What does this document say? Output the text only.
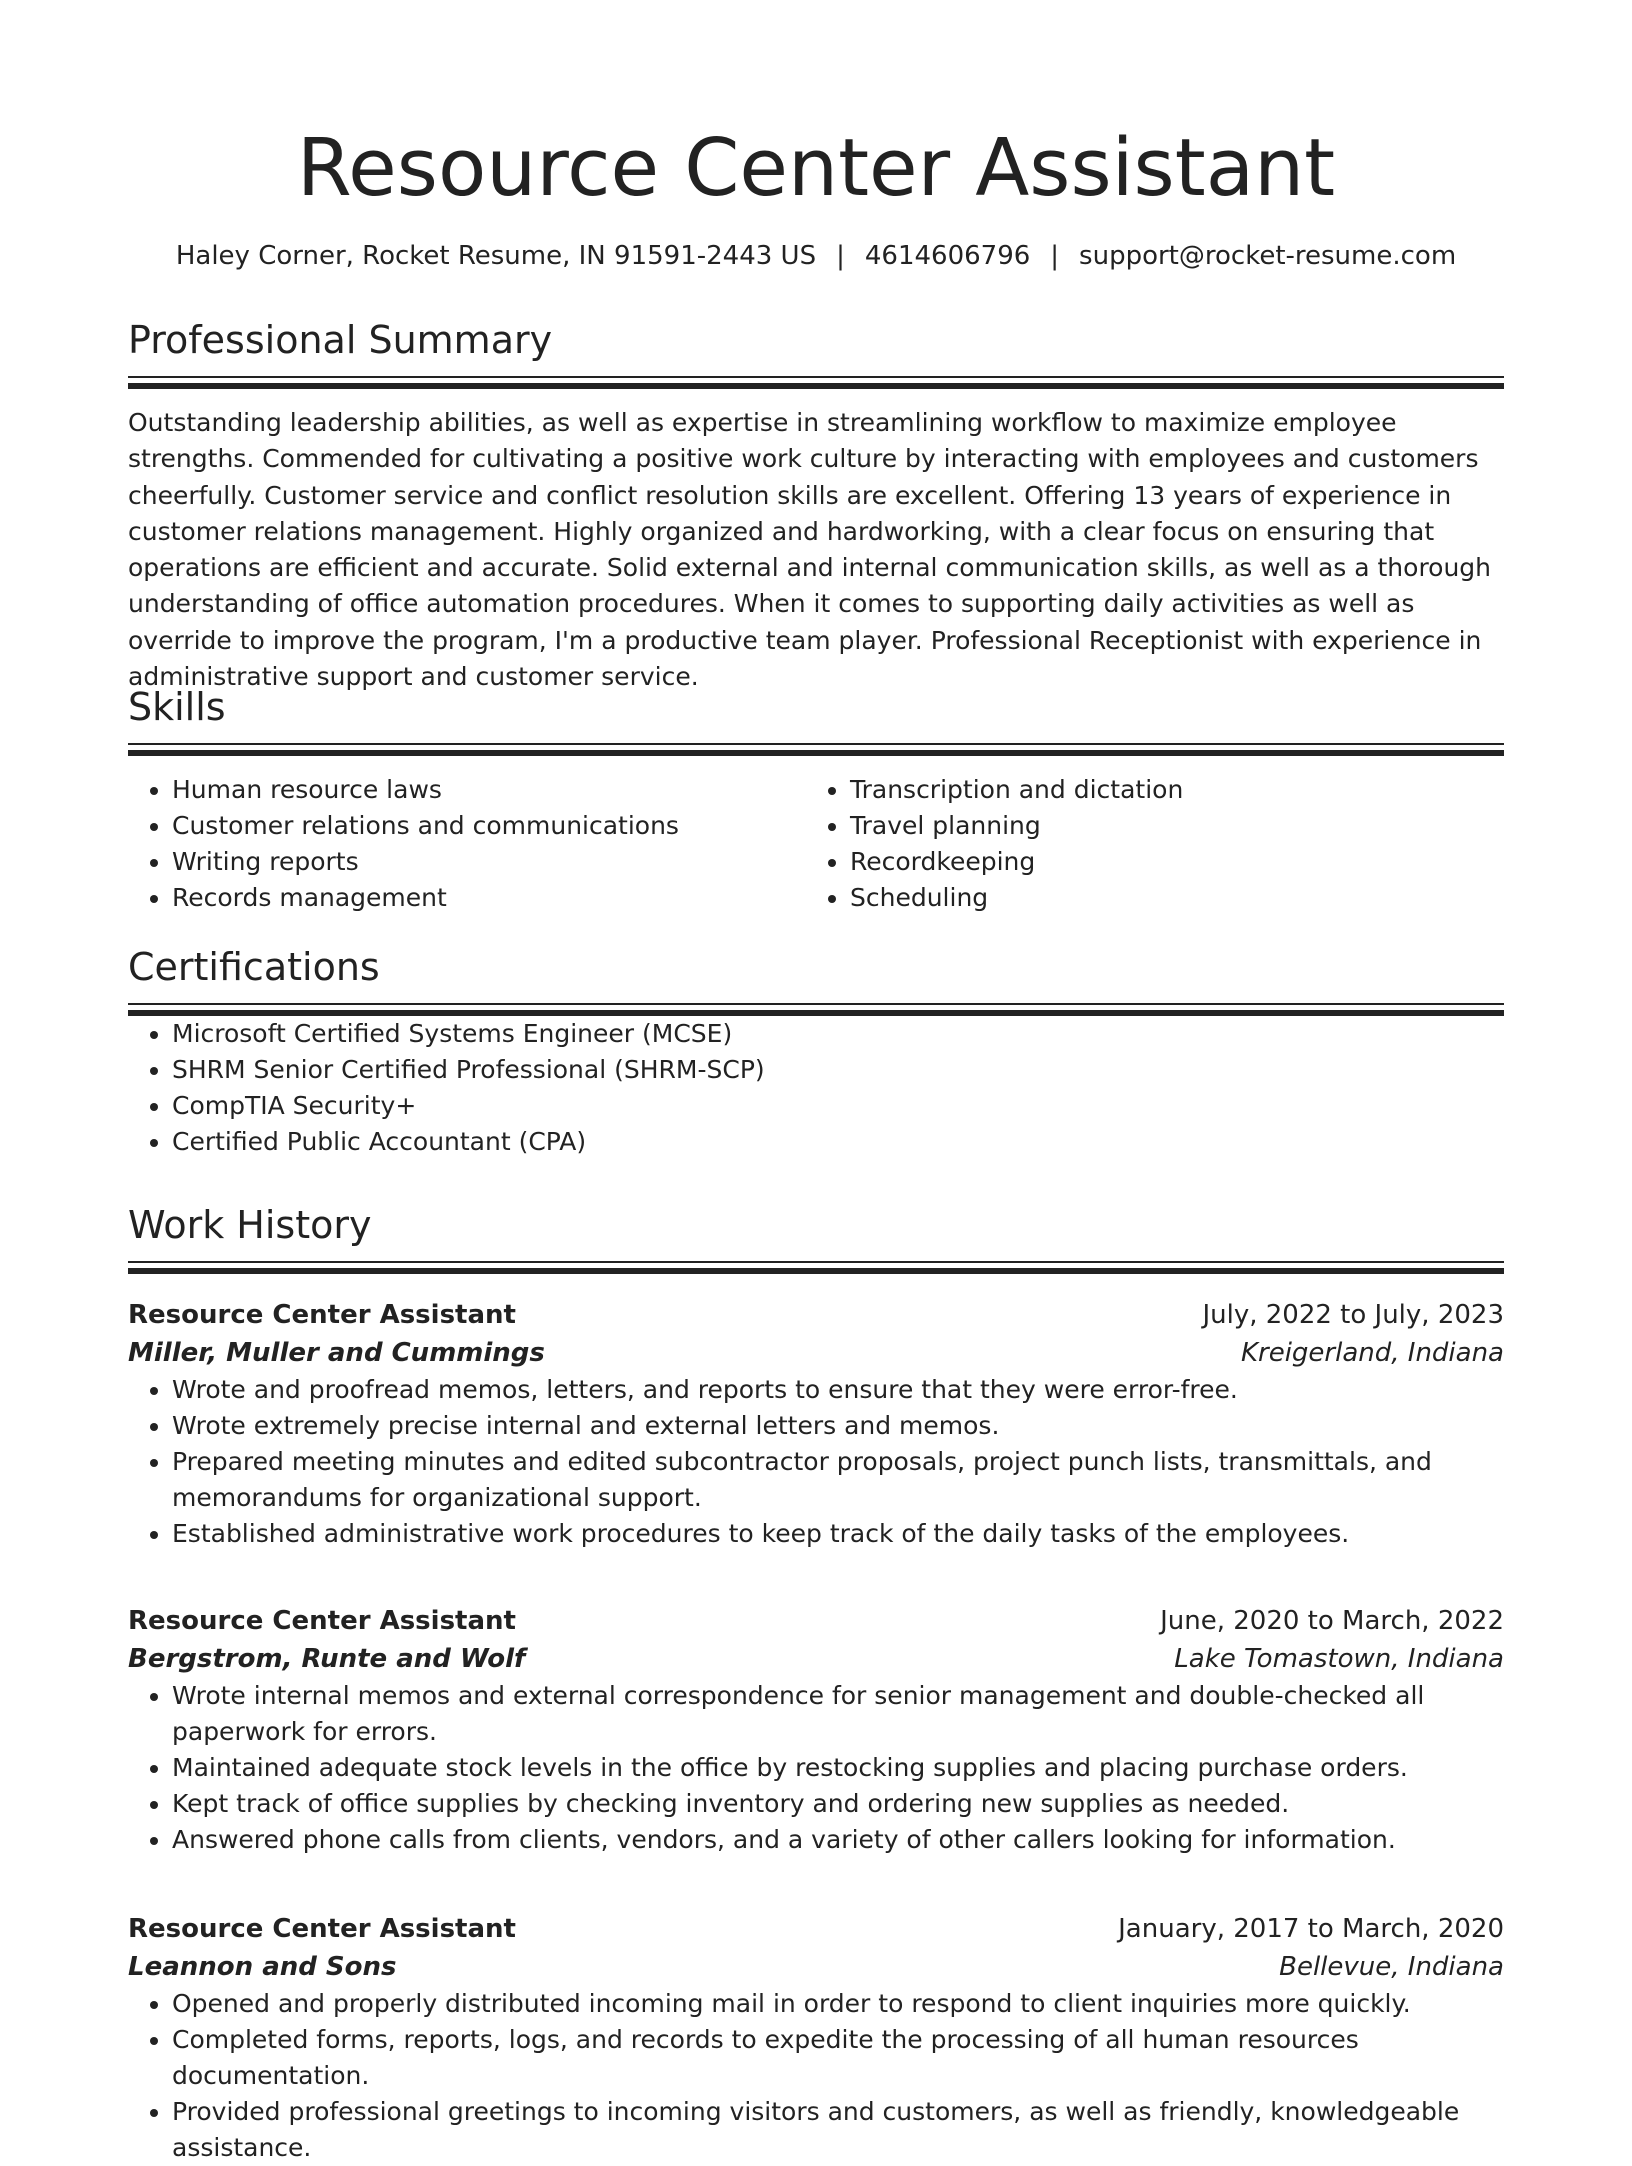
Resource Center Assistant
Haley Corner, Rocket Resume, IN 91591-2443 US | 4614606796 | support@rocket-resume.com
Professional Summary

Outstanding leadership abilities, as well as expertise in streamlining workflow to maximize employee strengths. Commended for cultivating a positive work culture by interacting with employees and customers cheerfully. Customer service and conflict resolution skills are excellent. Offering 13 years of experience in customer relations management. Highly organized and hardworking, with a clear focus on ensuring that operations are efficient and accurate. Solid external and internal communication skills, as well as a thorough understanding of office automation procedures. When it comes to supporting daily activities as well as override to improve the program, I'm a productive team player. Professional Receptionist with experience in administrative support and customer service.

Skills
• Human resource laws
• Customer relations and communications
• Writing reports
• Records management
• Transcription and dictation
• Travel planning
• Recordkeeping
• Scheduling
Certifications
• Microsoft Certified Systems Engineer (MCSE)
• SHRM Senior Certified Professional (SHRM-SCP)
• CompTIA Security+
• Certified Public Accountant (CPA)
Work History
Resource Center Assistant	July, 2022 to July, 2023
Miller, Muller and Cummings	Kreigerland, Indiana
• Wrote and proofread memos, letters, and reports to ensure that they were error-free.
• Wrote extremely precise internal and external letters and memos.
• Prepared meeting minutes and edited subcontractor proposals, project punch lists, transmittals, and memorandums for organizational support.
• Established administrative work procedures to keep track of the daily tasks of the employees.
Resource Center Assistant	June, 2020 to March, 2022
Bergstrom, Runte and Wolf	Lake Tomastown, Indiana
• Wrote internal memos and external correspondence for senior management and double-checked all paperwork for errors.
• Maintained adequate stock levels in the office by restocking supplies and placing purchase orders.
• Kept track of office supplies by checking inventory and ordering new supplies as needed.
• Answered phone calls from clients, vendors, and a variety of other callers looking for information.
Resource Center Assistant	January, 2017 to March, 2020
Leannon and Sons	Bellevue, Indiana
• Opened and properly distributed incoming mail in order to respond to client inquiries more quickly.
• Completed forms, reports, logs, and records to expedite the processing of all human resources documentation.
• Provided professional greetings to incoming visitors and customers, as well as friendly, knowledgeable assistance.
